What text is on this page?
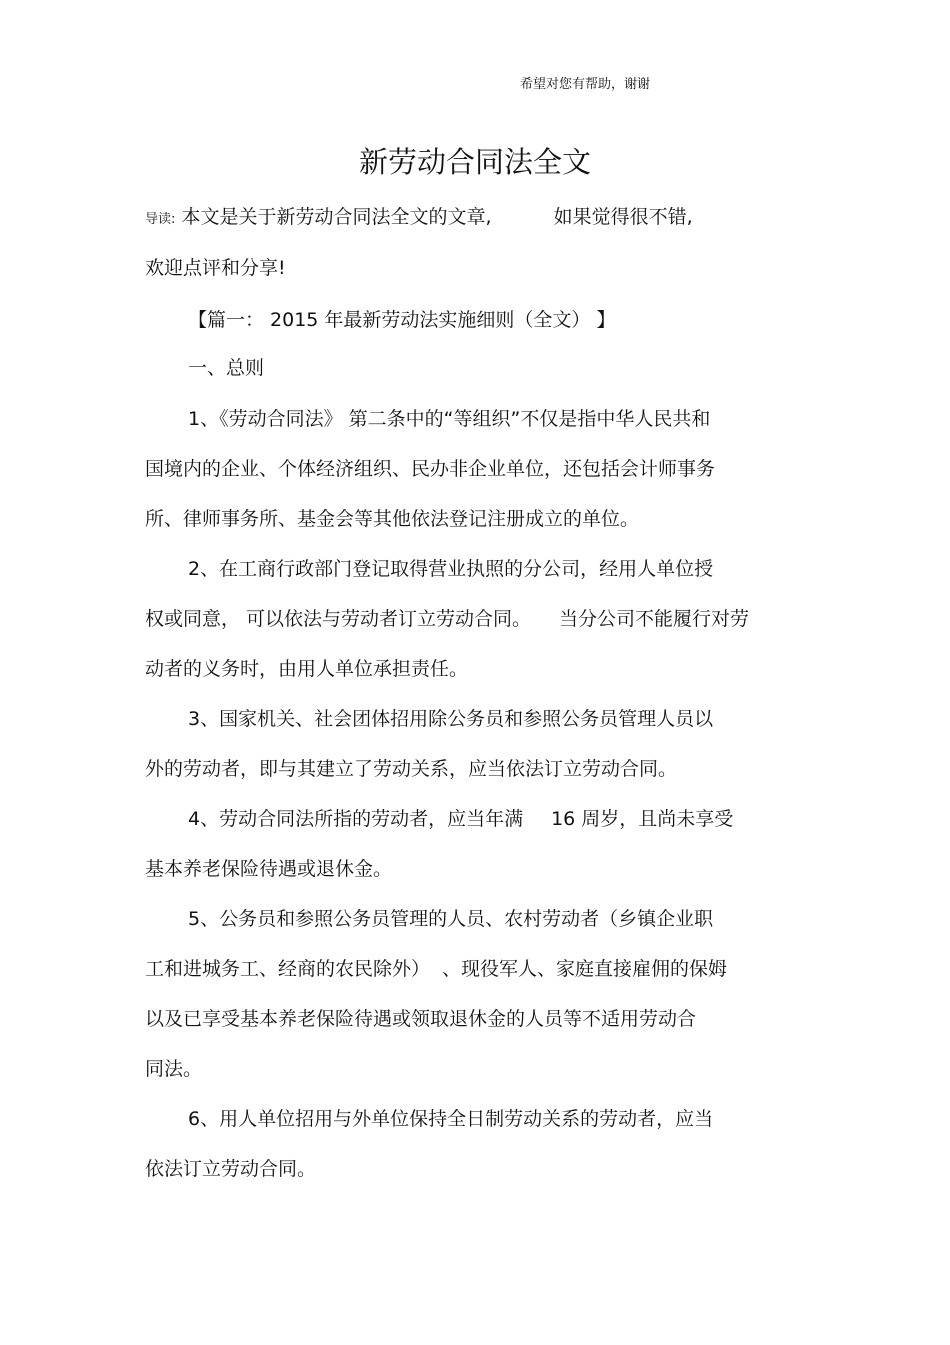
希望对您有帮助，谢谢
新劳动合同法全文
导读: 本文是关于新劳动合同法全文的文章,	如果觉得很不错,
欢迎点评和分享!
【篇一： 2015 年最新劳动法实施细则（全文） 】
一、总则
1、《劳动合同法》 第二条中的“等组织”不仅是指中华人民共和
国境内的企业、个体经济组织、民办非企业单位，还包括会计师事务
所、律师事务所、基金会等其他依法登记注册成立的单位。
2、在工商行政部门登记取得营业执照的分公司，经用人单位授
权或同意， 可以依法与劳动者订立劳动合同。 当分公司不能履行对劳
动者的义务时，由用人单位承担责任。
3、国家机关、社会团体招用除公务员和参照公务员管理人员以
外的劳动者，即与其建立了劳动关系，应当依法订立劳动合同。
4、劳动合同法所指的劳动者，应当年满 16 周岁，且尚未享受
基本养老保险待遇或退休金。
5、公务员和参照公务员管理的人员、农村劳动者（乡镇企业职
工和进城务工、经商的农民除外） 、现役军人、家庭直接雇佣的保姆
以及已享受基本养老保险待遇或领取退休金的人员等不适用劳动合
同法。
6、用人单位招用与外单位保持全日制劳动关系的劳动者，应当
依法订立劳动合同。
